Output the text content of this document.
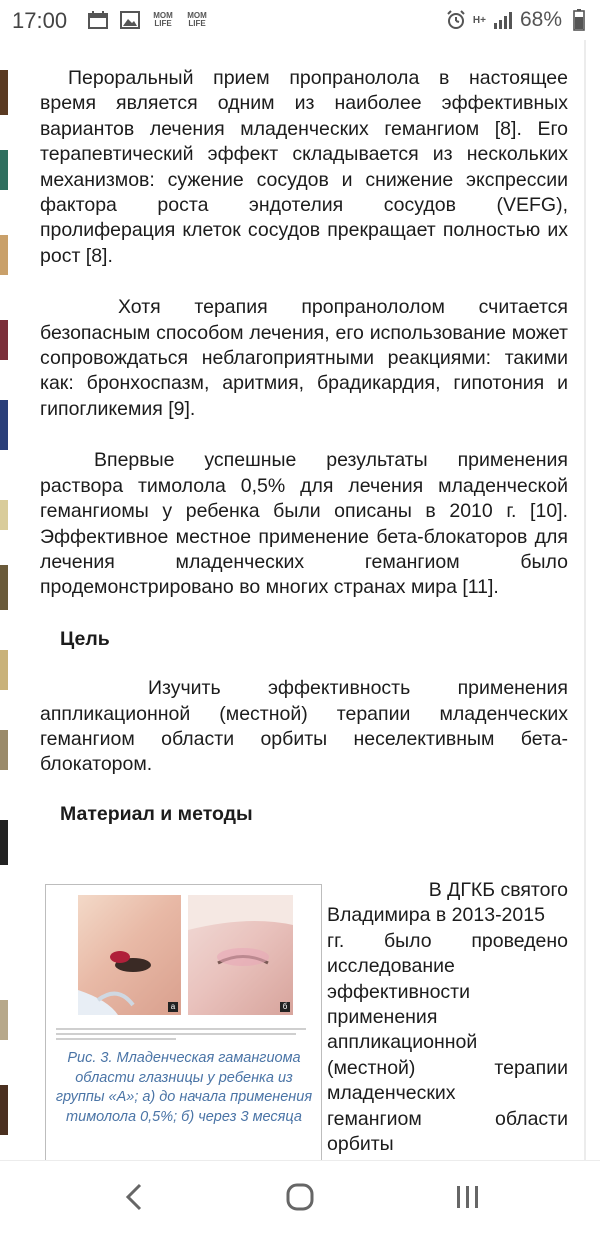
17:00	MOM LIFE
MOM LIFE	H+ 68%

Пероральный прием пропранолола в настоящее время является одним из наиболее эффективных вариантов лечения младенческих гемангиом [8]. Его терапевтический эффект складывается из нескольких механизмов: сужение сосудов и снижение экспрессии фактора роста эндотелия сосудов (VEFG), пролиферация клеток сосудов прекращает полностью их рост [8].

Хотя терапия пропранололом считается безопасным способом лечения, его использование может сопровождаться неблагоприятными реакциями: такими как: бронхоспазм, аритмия, брадикардия, гипотония и гипогликемия [9].

Впервые успешные результаты применения раствора тимолола 0,5% для лечения младенческой гемангиомы у ребенка были описаны в 2010 г. [10]. Эффективное местное применение бета-блокаторов для лечения младенческих гемангиом было продемонстрировано во многих странах мира [11].

Цель

Изучить эффективность применения аппликационной (местной) терапии младенческих гемангиом области орбиты неселективным бета-блокатором.

Материал и методы
а	б
Рис. 3. Младенческая гамангиома области глазницы у ребенка из группы «А»; а) до начала применения тимолола 0,5%; б) через 3 месяца
В ДГКБ святого
Владимира в 2013-2015
гг. было проведено
исследование
эффективности
применения
аппликационной
(местной) терапии
младенческих
гемангиом области
орбиты
